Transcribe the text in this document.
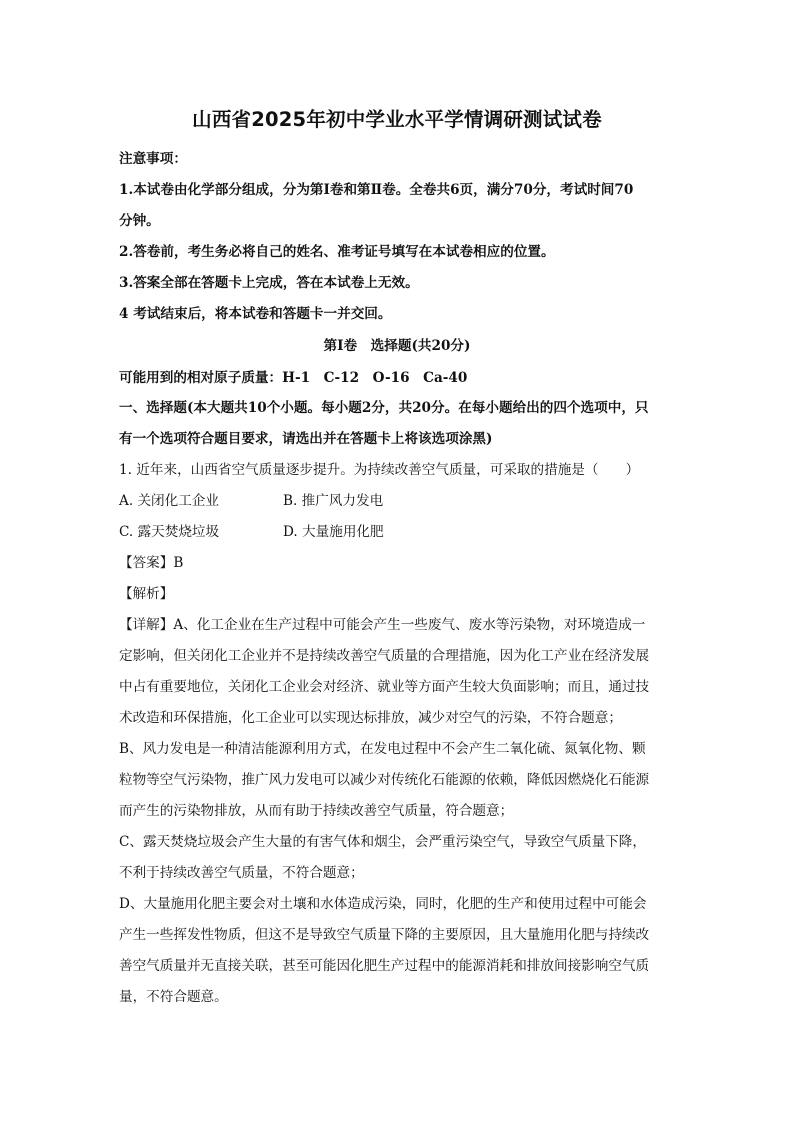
山西省2025年初中学业水平学情调研测试试卷
注意事项：
1.本试卷由化学部分组成，分为第Ⅰ卷和第Ⅱ卷。全卷共6页，满分70分，考试时间70
分钟。
2.答卷前，考生务必将自己的姓名、准考证号填写在本试卷相应的位置。
3.答案全部在答题卡上完成，答在本试卷上无效。
4 考试结束后，将本试卷和答题卡一并交回。
第Ⅰ卷　选择题(共20分)
可能用到的相对原子质量：H-1　C-12　O-16　Ca-40
一、选择题(本大题共10个小题。每小题2分，共20分。在每小题给出的四个选项中，只
有一个选项符合题目要求，请选出并在答题卡上将该选项涂黑)
1. 近年来，山西省空气质量逐步提升。为持续改善空气质量，可采取的措施是（　　）
A. 关闭化工企业	B. 推广风力发电
C. 露天焚烧垃圾	D. 大量施用化肥
【答案】B
【解析】
【详解】A、化工企业在生产过程中可能会产生一些废气、废水等污染物，对环境造成一
定影响，但关闭化工企业并不是持续改善空气质量的合理措施，因为化工产业在经济发展
中占有重要地位，关闭化工企业会对经济、就业等方面产生较大负面影响；而且，通过技
术改造和环保措施，化工企业可以实现达标排放，减少对空气的污染，不符合题意；
B、风力发电是一种清洁能源利用方式，在发电过程中不会产生二氧化硫、氮氧化物、颗
粒物等空气污染物，推广风力发电可以减少对传统化石能源的依赖，降低因燃烧化石能源
而产生的污染物排放，从而有助于持续改善空气质量，符合题意；
C、露天焚烧垃圾会产生大量的有害气体和烟尘，会严重污染空气，导致空气质量下降，
不利于持续改善空气质量，不符合题意；
D、大量施用化肥主要会对土壤和水体造成污染，同时，化肥的生产和使用过程中可能会
产生一些挥发性物质，但这不是导致空气质量下降的主要原因，且大量施用化肥与持续改
善空气质量并无直接关联，甚至可能因化肥生产过程中的能源消耗和排放间接影响空气质
量，不符合题意。
